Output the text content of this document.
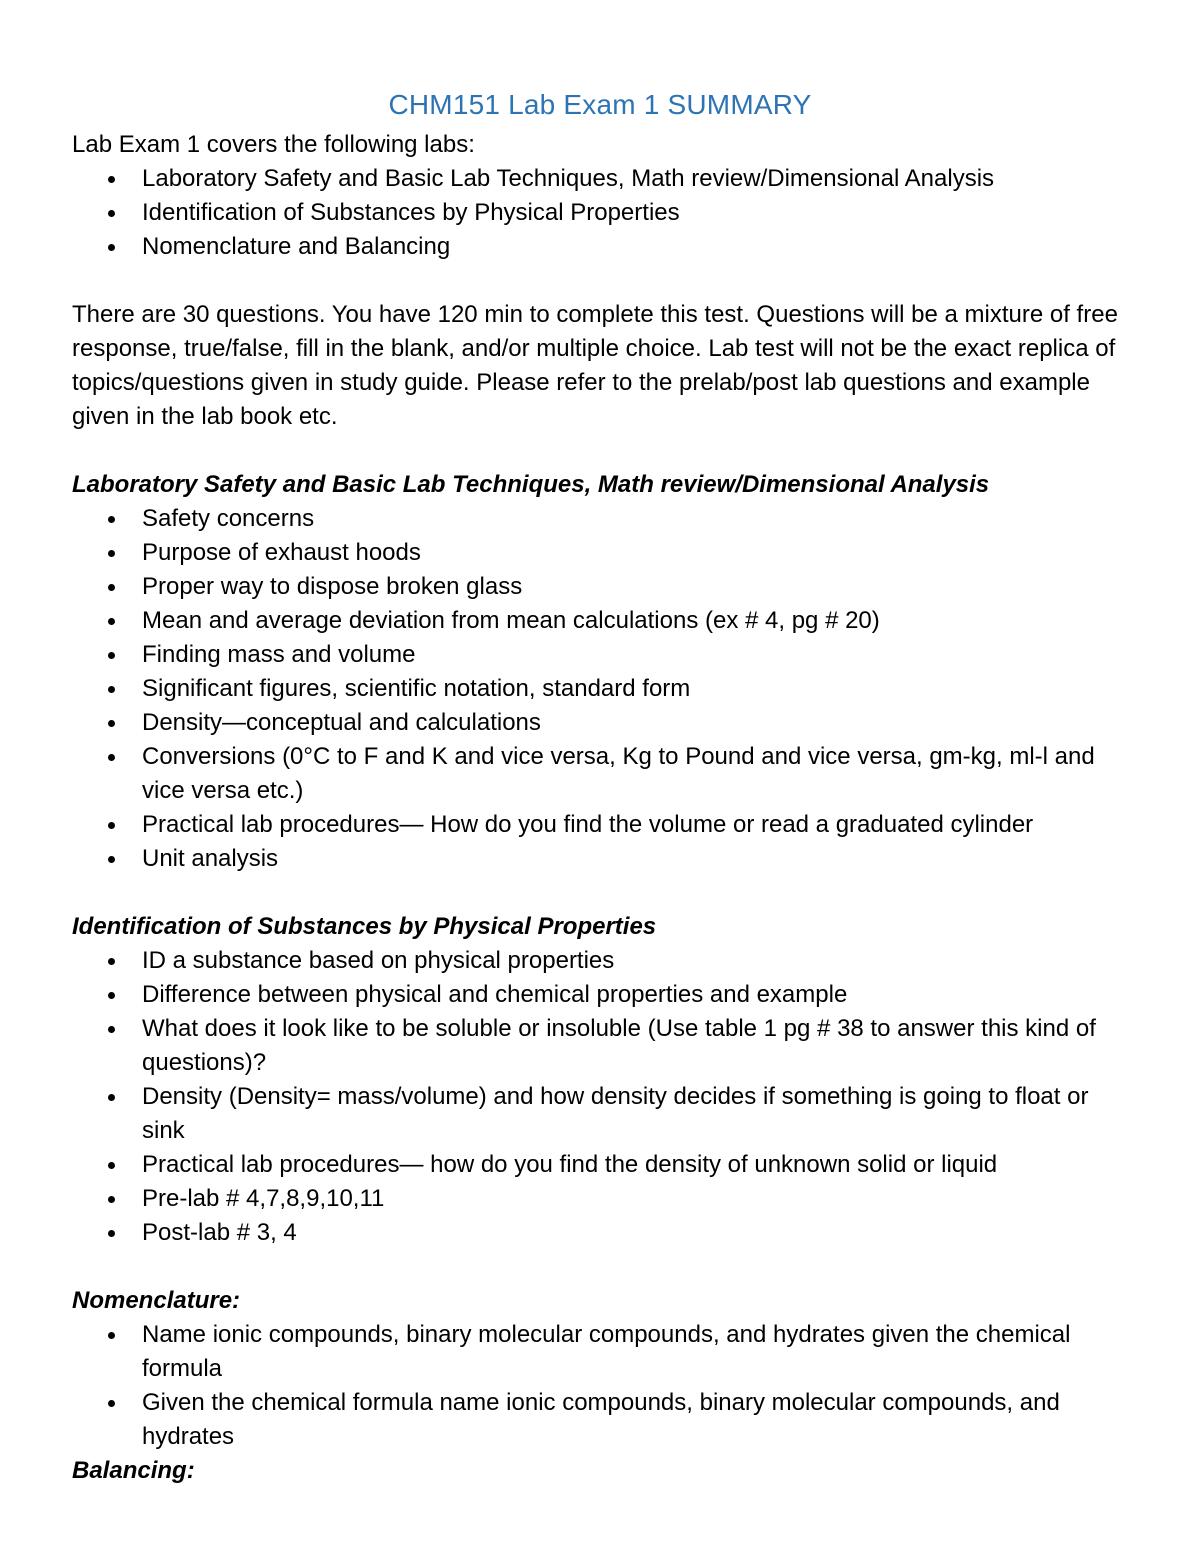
CHM151 Lab Exam 1 SUMMARY

Lab Exam 1 covers the following labs:

Laboratory Safety and Basic Lab Techniques, Math review/Dimensional Analysis
Identification of Substances by Physical Properties
Nomenclature and Balancing

There are 30 questions. You have 120 min to complete this test. Questions will be a mixture of free response, true/false, fill in the blank, and/or multiple choice. Lab test will not be the exact replica of topics/questions given in study guide. Please refer to the prelab/post lab questions and example given in the lab book etc.

Laboratory Safety and Basic Lab Techniques, Math review/Dimensional Analysis
Safety concerns
Purpose of exhaust hoods
Proper way to dispose broken glass
Mean and average deviation from mean calculations (ex # 4, pg # 20)
Finding mass and volume
Significant figures, scientific notation, standard form
Density—conceptual and calculations
Conversions (0°C to F and K and vice versa, Kg to Pound and vice versa, gm-kg, ml-l and vice versa etc.)
Practical lab procedures— How do you find the volume or read a graduated cylinder
Unit analysis
Identification of Substances by Physical Properties
ID a substance based on physical properties
Difference between physical and chemical properties and example
What does it look like to be soluble or insoluble (Use table 1 pg # 38 to answer this kind of questions)?
Density (Density= mass/volume) and how density decides if something is going to float or sink
Practical lab procedures— how do you find the density of unknown solid or liquid
Pre-lab # 4,7,8,9,10,11
Post-lab # 3, 4
Nomenclature:
Name ionic compounds, binary molecular compounds, and hydrates given the chemical formula
Given the chemical formula name ionic compounds, binary molecular compounds, and hydrates
Balancing:
